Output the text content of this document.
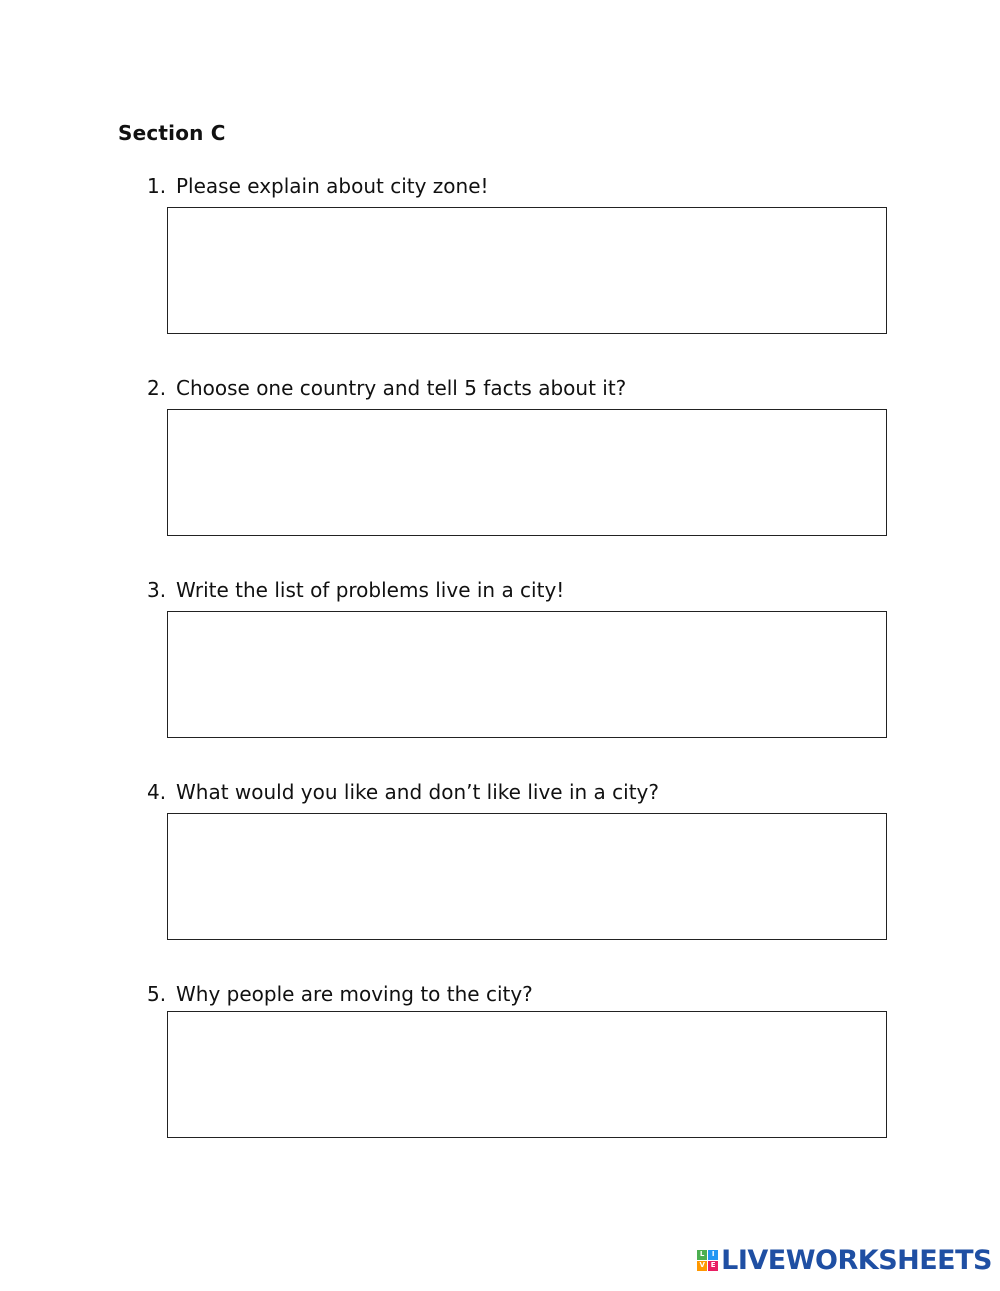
Section C
1. Please explain about city zone!
2. Choose one country and tell 5 facts about it?
3. Write the list of problems live in a city!
4. What would you like and don’t like live in a city?
5. Why people are moving to the city?
L	I
V E LIVEWORKSHEETS
